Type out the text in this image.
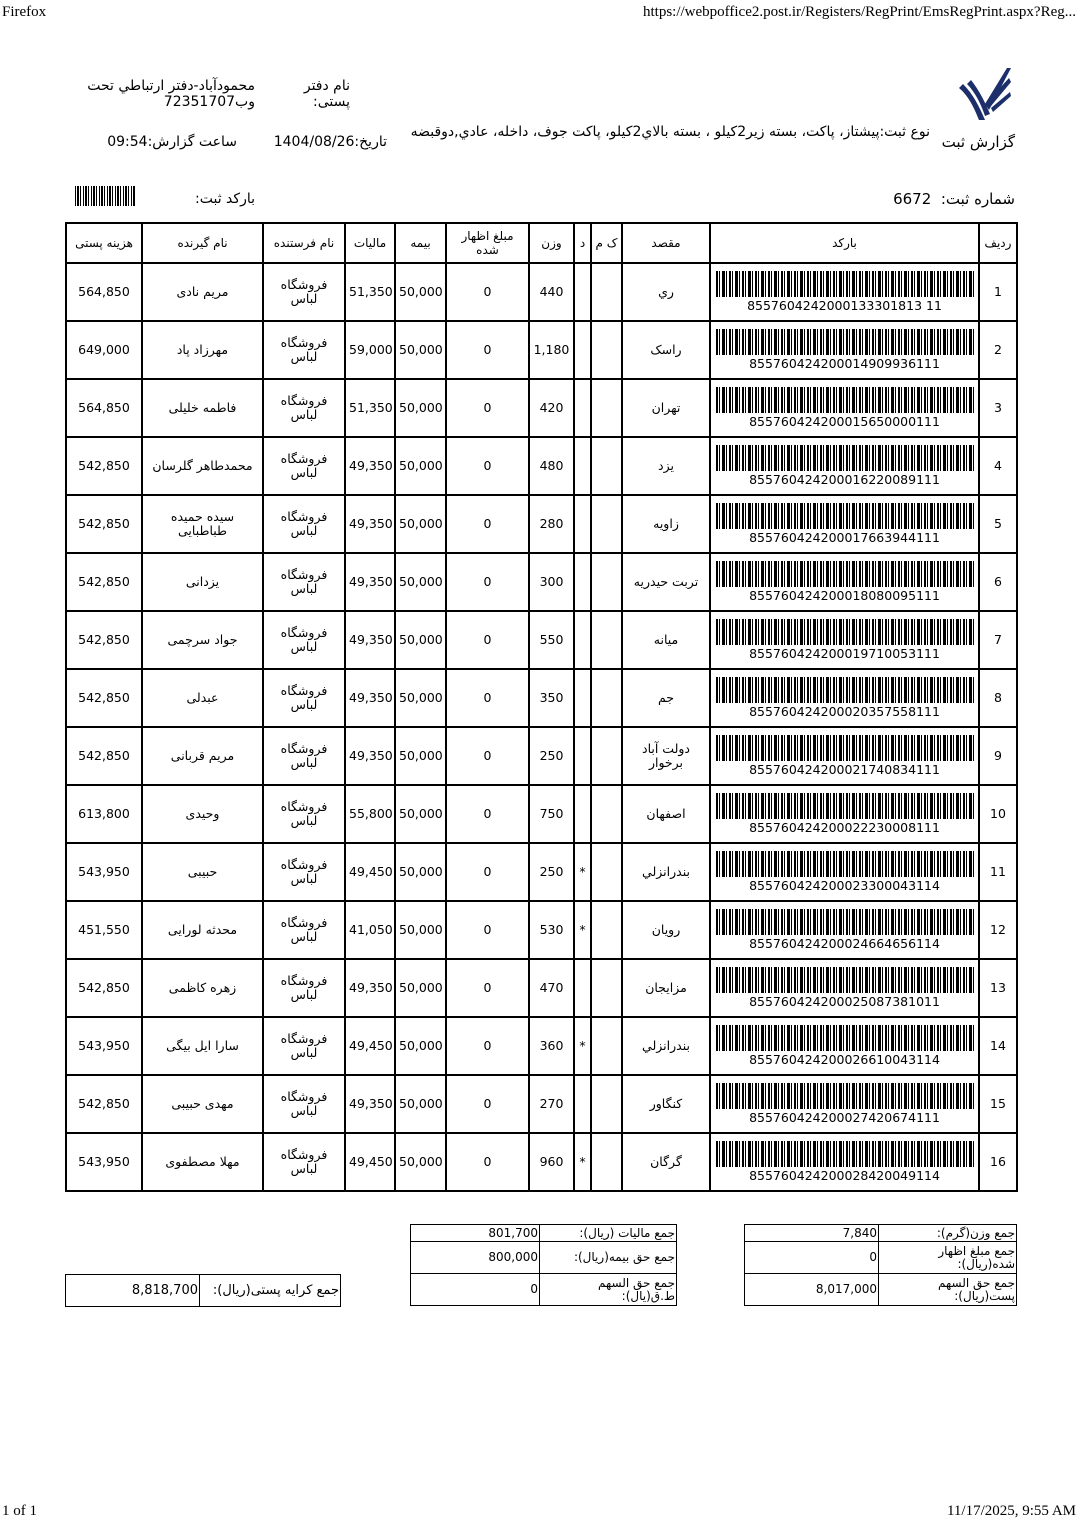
Firefox	https://webpoffice2.post.ir/Registers/RegPrint/EmsRegPrint.aspx?Reg...
گزارش ثبت
نوع ثبت:پیشتاز، پاکت، بسته زیر2کیلو ، بسته بالاي2کیلو، پاکت جوف، داخله، عادي,دوقبضه
نام دفتر پستی:
محمودآباد-دفتر ارتباطي تحت وب72351707
تاریخ:1404/08/26
ساعت گزارش:09:54
شماره ثبت:  6672
بارکد ثبت:
ردیف	بارکد	مقصد	ک م	د	وزن	مبلغ اظهار شده	بیمه	مالیات	نام فرستنده	نام گیرنده	هزینه پستی
1	8557604242000133301813 11	ري			440	0	50,000	51,350	فروشگاه لباس	مریم نادی	564,850
2	855760424200014909936111	راسک			1,180	0	50,000	59,000	فروشگاه لباس	مهرزاد پاد	649,000
3	855760424200015650000111	تهران			420	0	50,000	51,350	فروشگاه لباس	فاطمه خلیلی	564,850
4	855760424200016220089111	یزد			480	0	50,000	49,350	فروشگاه لباس	محمدطاهر گلرسان	542,850
5	855760424200017663944111	زاویه			280	0	50,000	49,350	فروشگاه لباس	سیده حمیده طباطبایی	542,850
6	855760424200018080095111	تربت حیدریه			300	0	50,000	49,350	فروشگاه لباس	یزدانی	542,850
7	855760424200019710053111	میانه			550	0	50,000	49,350	فروشگاه لباس	جواد سرچمی	542,850
8	855760424200020357558111	جم			350	0	50,000	49,350	فروشگاه لباس	عبدلی	542,850
9	855760424200021740834111	دولت آباد برخوار			250	0	50,000	49,350	فروشگاه لباس	مریم قربانی	542,850
10	855760424200022230008111	اصفهان			750	0	50,000	55,800	فروشگاه لباس	وحیدی	613,800
11	855760424200023300043114	بندرانزلي		*	250	0	50,000	49,450	فروشگاه لباس	حبیبی	543,950
12	855760424200024664656114	رویان		*	530	0	50,000	41,050	فروشگاه لباس	محدثه لورایی	451,550
13	855760424200025087381011	مزایجان			470	0	50,000	49,350	فروشگاه لباس	زهره کاظمی	542,850
14	855760424200026610043114	بندرانزلي		*	360	0	50,000	49,450	فروشگاه لباس	سارا ایل بیگی	543,950
15	855760424200027420674111	کنگاور			270	0	50,000	49,350	فروشگاه لباس	مهدی حبیبی	542,850
16	855760424200028420049114	گرگان		*	960	0	50,000	49,450	فروشگاه لباس	مهلا مصطفوی	543,950
جمع وزن(گرم):	7,840
جمع مبلغ اظهار شده(ریال):	0
جمع حق السهم پست(ریال):	8,017,000
جمع مالیات (ریال):	801,700
جمع حق بیمه(ریال):	800,000
جمع حق السهم ط.ق(یال):	0
جمع کرایه پستی(ریال):	8,818,700
1 of 1	11/17/2025, 9:55 AM
